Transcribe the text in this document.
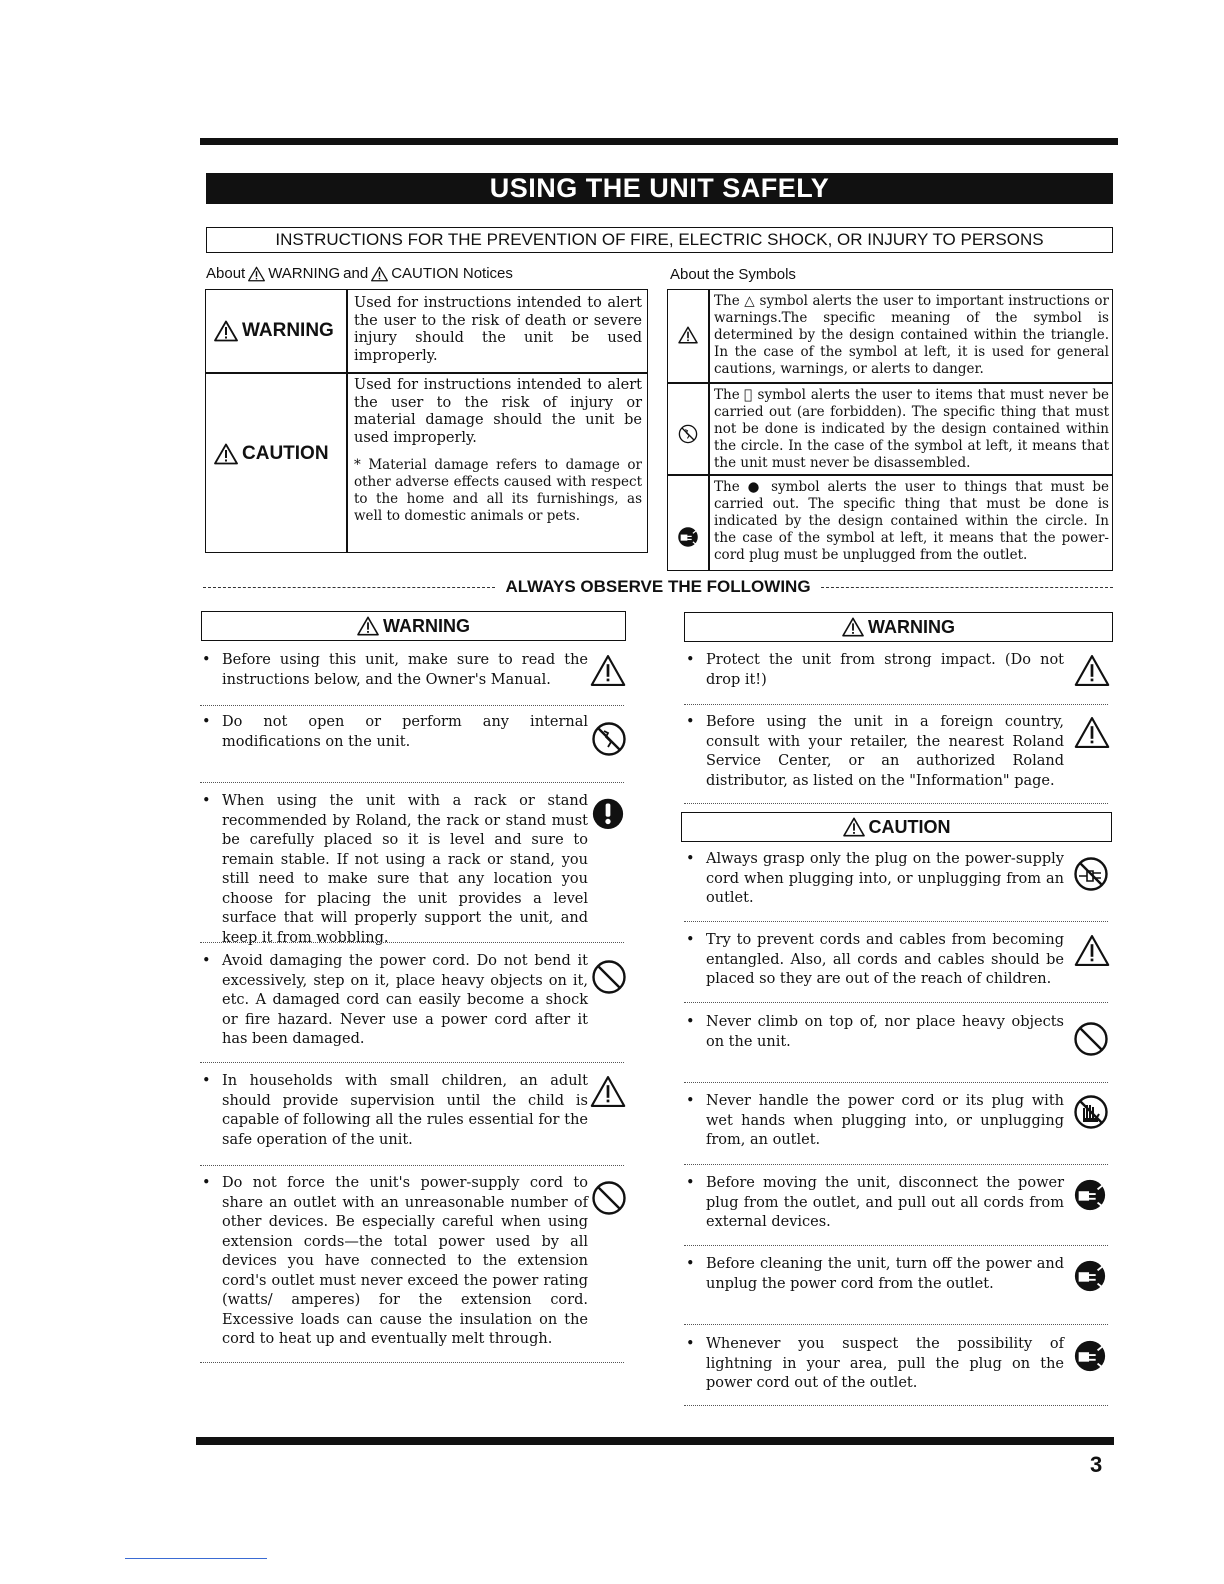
USING THE UNIT SAFELY
INSTRUCTIONS FOR THE PREVENTION OF FIRE, ELECTRIC SHOCK, OR INJURY TO PERSONS
About WARNING and CAUTION Notices
WARNING
Used for instructions intended to alert the user to the risk of death or severe injury should the unit be used improperly.
CAUTION
Used for instructions intended to alert the user to the risk of injury or material damage should the unit be used improperly.
* Material damage refers to damage or other adverse effects caused with respect to the home and all its furnishings, as well to domestic animals or pets.
About the Symbols
The △ symbol alerts the user to important instructions or warnings.The specific meaning of the symbol is determined by the design contained within the triangle. In the case of the symbol at left, it is used for general cautions, warnings, or alerts to danger.
The ⃠ symbol alerts the user to items that must never be carried out (are forbidden). The specific thing that must not be done is indicated by the design contained within the circle. In the case of the symbol at left, it means that the unit must never be disassembled.
The ● symbol alerts the user to things that must be carried out. The specific thing that must be done is indicated by the design contained within the circle. In the case of the symbol at left, it means that the power-cord plug must be unplugged from the outlet.
ALWAYS OBSERVE THE FOLLOWING
WARNING
• Before using this unit, make sure to read the instructions below, and the Owner's Manual.
• Do not open or perform any internal modifications on the unit.
• When using the unit with a rack or stand recommended by Roland, the rack or stand must be carefully placed so it is level and sure to remain stable. If not using a rack or stand, you still need to make sure that any location you choose for placing the unit provides a level surface that will properly support the unit, and keep it from wobbling.
• Avoid damaging the power cord. Do not bend it excessively, step on it, place heavy objects on it, etc. A damaged cord can easily become a shock or fire hazard. Never use a power cord after it has been damaged.
• In households with small children, an adult should provide supervision until the child is capable of following all the rules essential for the safe operation of the unit.
• Do not force the unit's power-supply cord to share an outlet with an unreasonable number of other devices. Be especially careful when using extension cords—the total power used by all devices you have connected to the extension cord's outlet must never exceed the power rating (watts/ amperes) for the extension cord. Excessive loads can cause the insulation on the cord to heat up and eventually melt through.
WARNING
• Protect the unit from strong impact. (Do not drop it!)
• Before using the unit in a foreign country, consult with your retailer, the nearest Roland Service Center, or an authorized Roland distributor, as listed on the "Information" page.
CAUTION
• Always grasp only the plug on the power-supply cord when plugging into, or unplugging from an outlet.
• Try to prevent cords and cables from becoming entangled. Also, all cords and cables should be placed so they are out of the reach of children.
• Never climb on top of, nor place heavy objects on the unit.
• Never handle the power cord or its plug with wet hands when plugging into, or unplugging from, an outlet.
• Before moving the unit, disconnect the power plug from the outlet, and pull out all cords from external devices.
• Before cleaning the unit, turn off the power and unplug the power cord from the outlet.
• Whenever you suspect the possibility of lightning in your area, pull the plug on the power cord out of the outlet.
3
